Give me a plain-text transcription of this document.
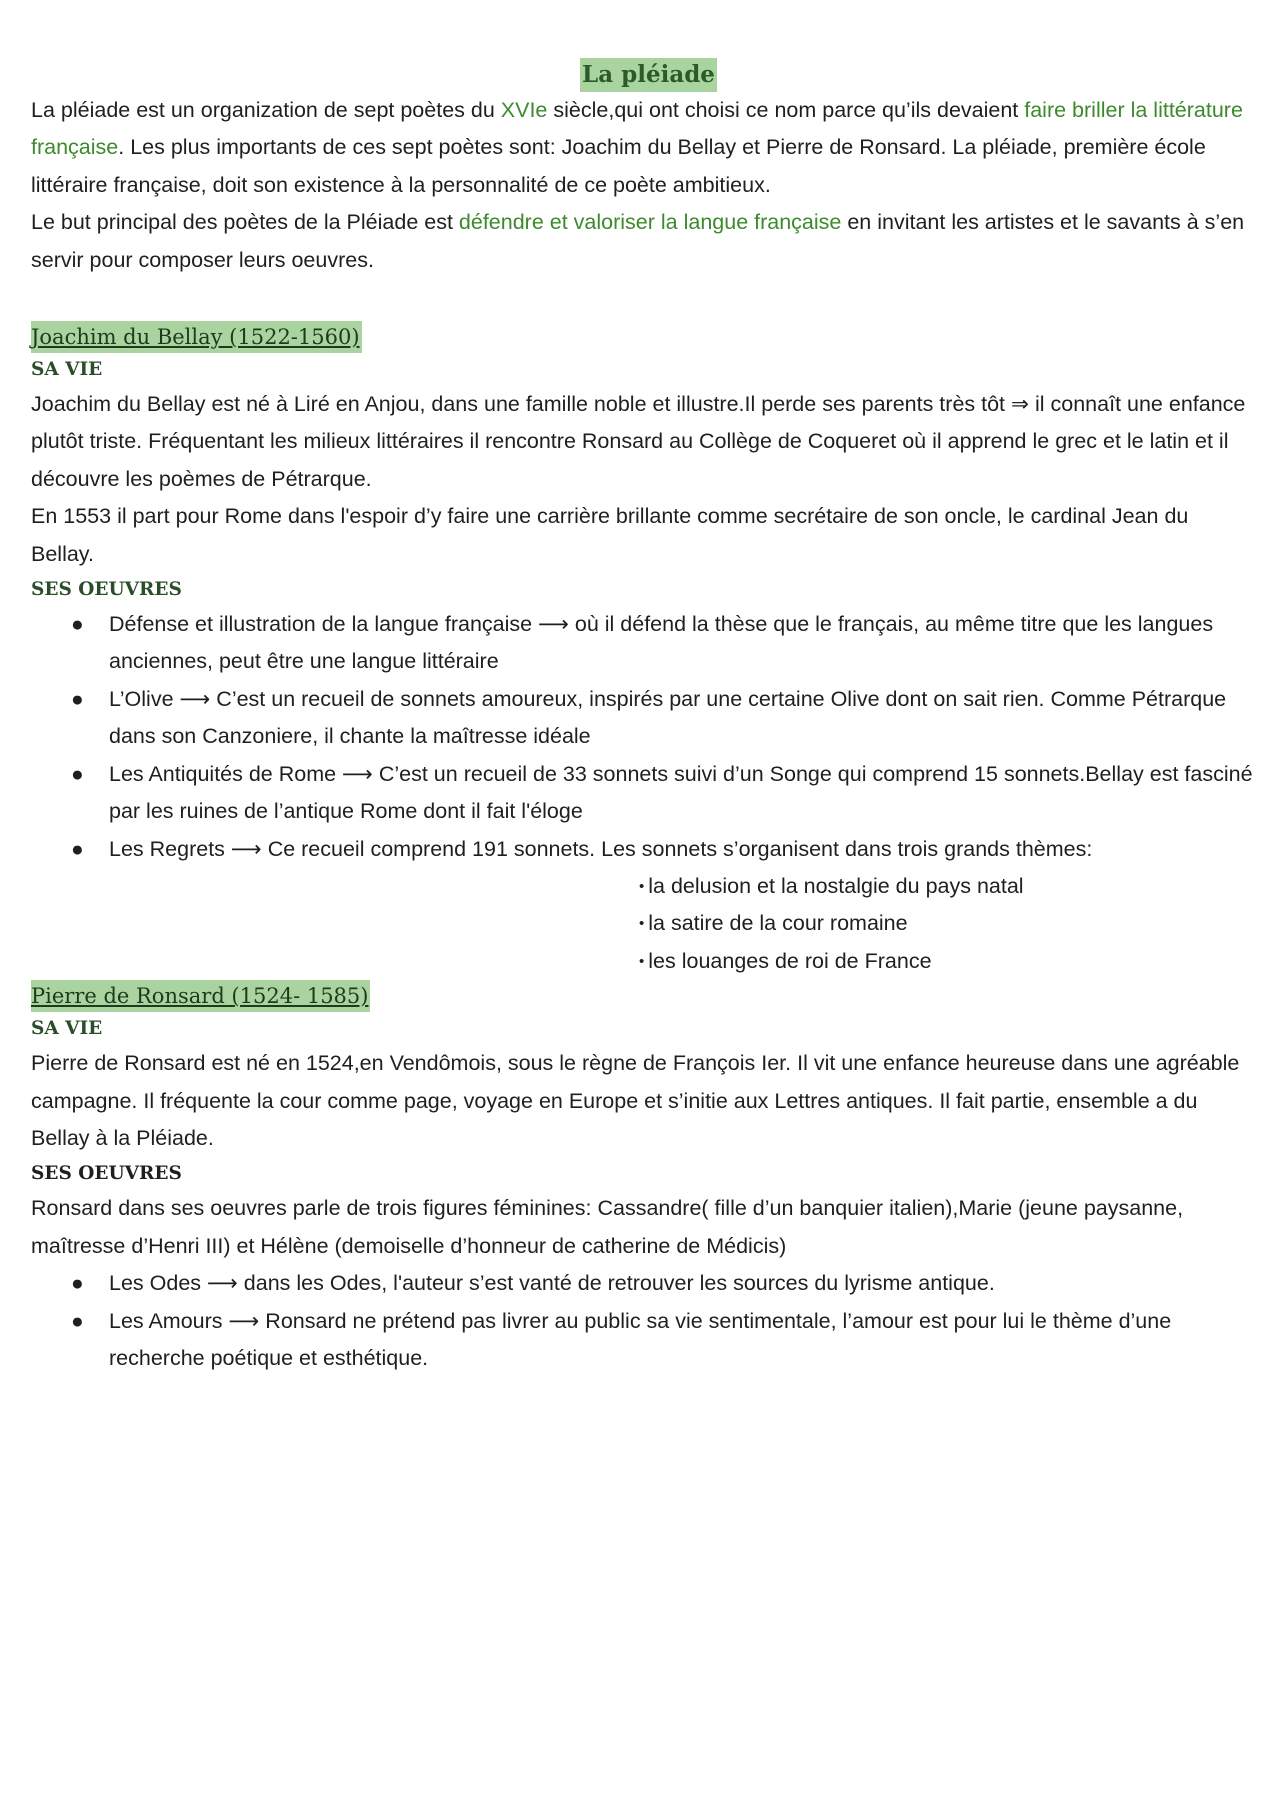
La pléiade

La pléiade est un organization de sept poètes du XVIe siècle,qui ont choisi ce nom parce qu’ils devaient faire briller la littérature française. Les plus importants de ces sept poètes sont: Joachim du Bellay et Pierre de Ronsard. La pléiade, première école littéraire française, doit son existence à la personnalité de ce poète ambitieux.

Le but principal des poètes de la Pléiade est défendre et valoriser la langue française en invitant les artistes et le savants à s’en servir pour composer leurs oeuvres.

Joachim du Bellay (1522-1560)
SA VIE

Joachim du Bellay est né à Liré en Anjou, dans une famille noble et illustre.Il perde ses parents très tôt ⇒ il connaît une enfance plutôt triste. Fréquentant les milieux littéraires il rencontre Ronsard au Collège de Coqueret où il apprend le grec et le latin et il découvre les poèmes de Pétrarque.

En 1553 il part pour Rome dans l'espoir d’y faire une carrière brillante comme secrétaire de son oncle, le cardinal Jean du Bellay.

SES OEUVRES
● Défense et illustration de la langue française ⟶ où il défend la thèse que le français, au même titre que les langues anciennes, peut être une langue littéraire
● L’Olive ⟶ C’est un recueil de sonnets amoureux, inspirés par une certaine Olive dont on sait rien. Comme Pétrarque dans son Canzoniere, il chante la maîtresse idéale
● Les Antiquités de Rome ⟶ C’est un recueil de 33 sonnets suivi d’un Songe qui comprend 15 sonnets.Bellay est fasciné par les ruines de l’antique Rome dont il fait l'éloge
● Les Regrets ⟶ Ce recueil comprend 191 sonnets. Les sonnets s’organisent dans trois grands thèmes:
• la delusion et la nostalgie du pays natal
• la satire de la cour romaine
• les louanges de roi de France
Pierre de Ronsard (1524- 1585)
SA VIE

Pierre de Ronsard est né en 1524,en Vendômois, sous le règne de François Ier. Il vit une enfance heureuse dans une agréable campagne. Il fréquente la cour comme page, voyage en Europe et s’initie aux Lettres antiques. Il fait partie, ensemble a du Bellay à la Pléiade.

SES OEUVRES

Ronsard dans ses oeuvres parle de trois figures féminines: Cassandre( fille d’un banquier italien),Marie (jeune paysanne, maîtresse d’Henri III) et Hélène (demoiselle d’honneur de catherine de Médicis)

● Les Odes ⟶ dans les Odes, l'auteur s’est vanté de retrouver les sources du lyrisme antique.
● Les Amours ⟶ Ronsard ne prétend pas livrer au public sa vie sentimentale, l’amour est pour lui le thème d’une recherche poétique et esthétique.
